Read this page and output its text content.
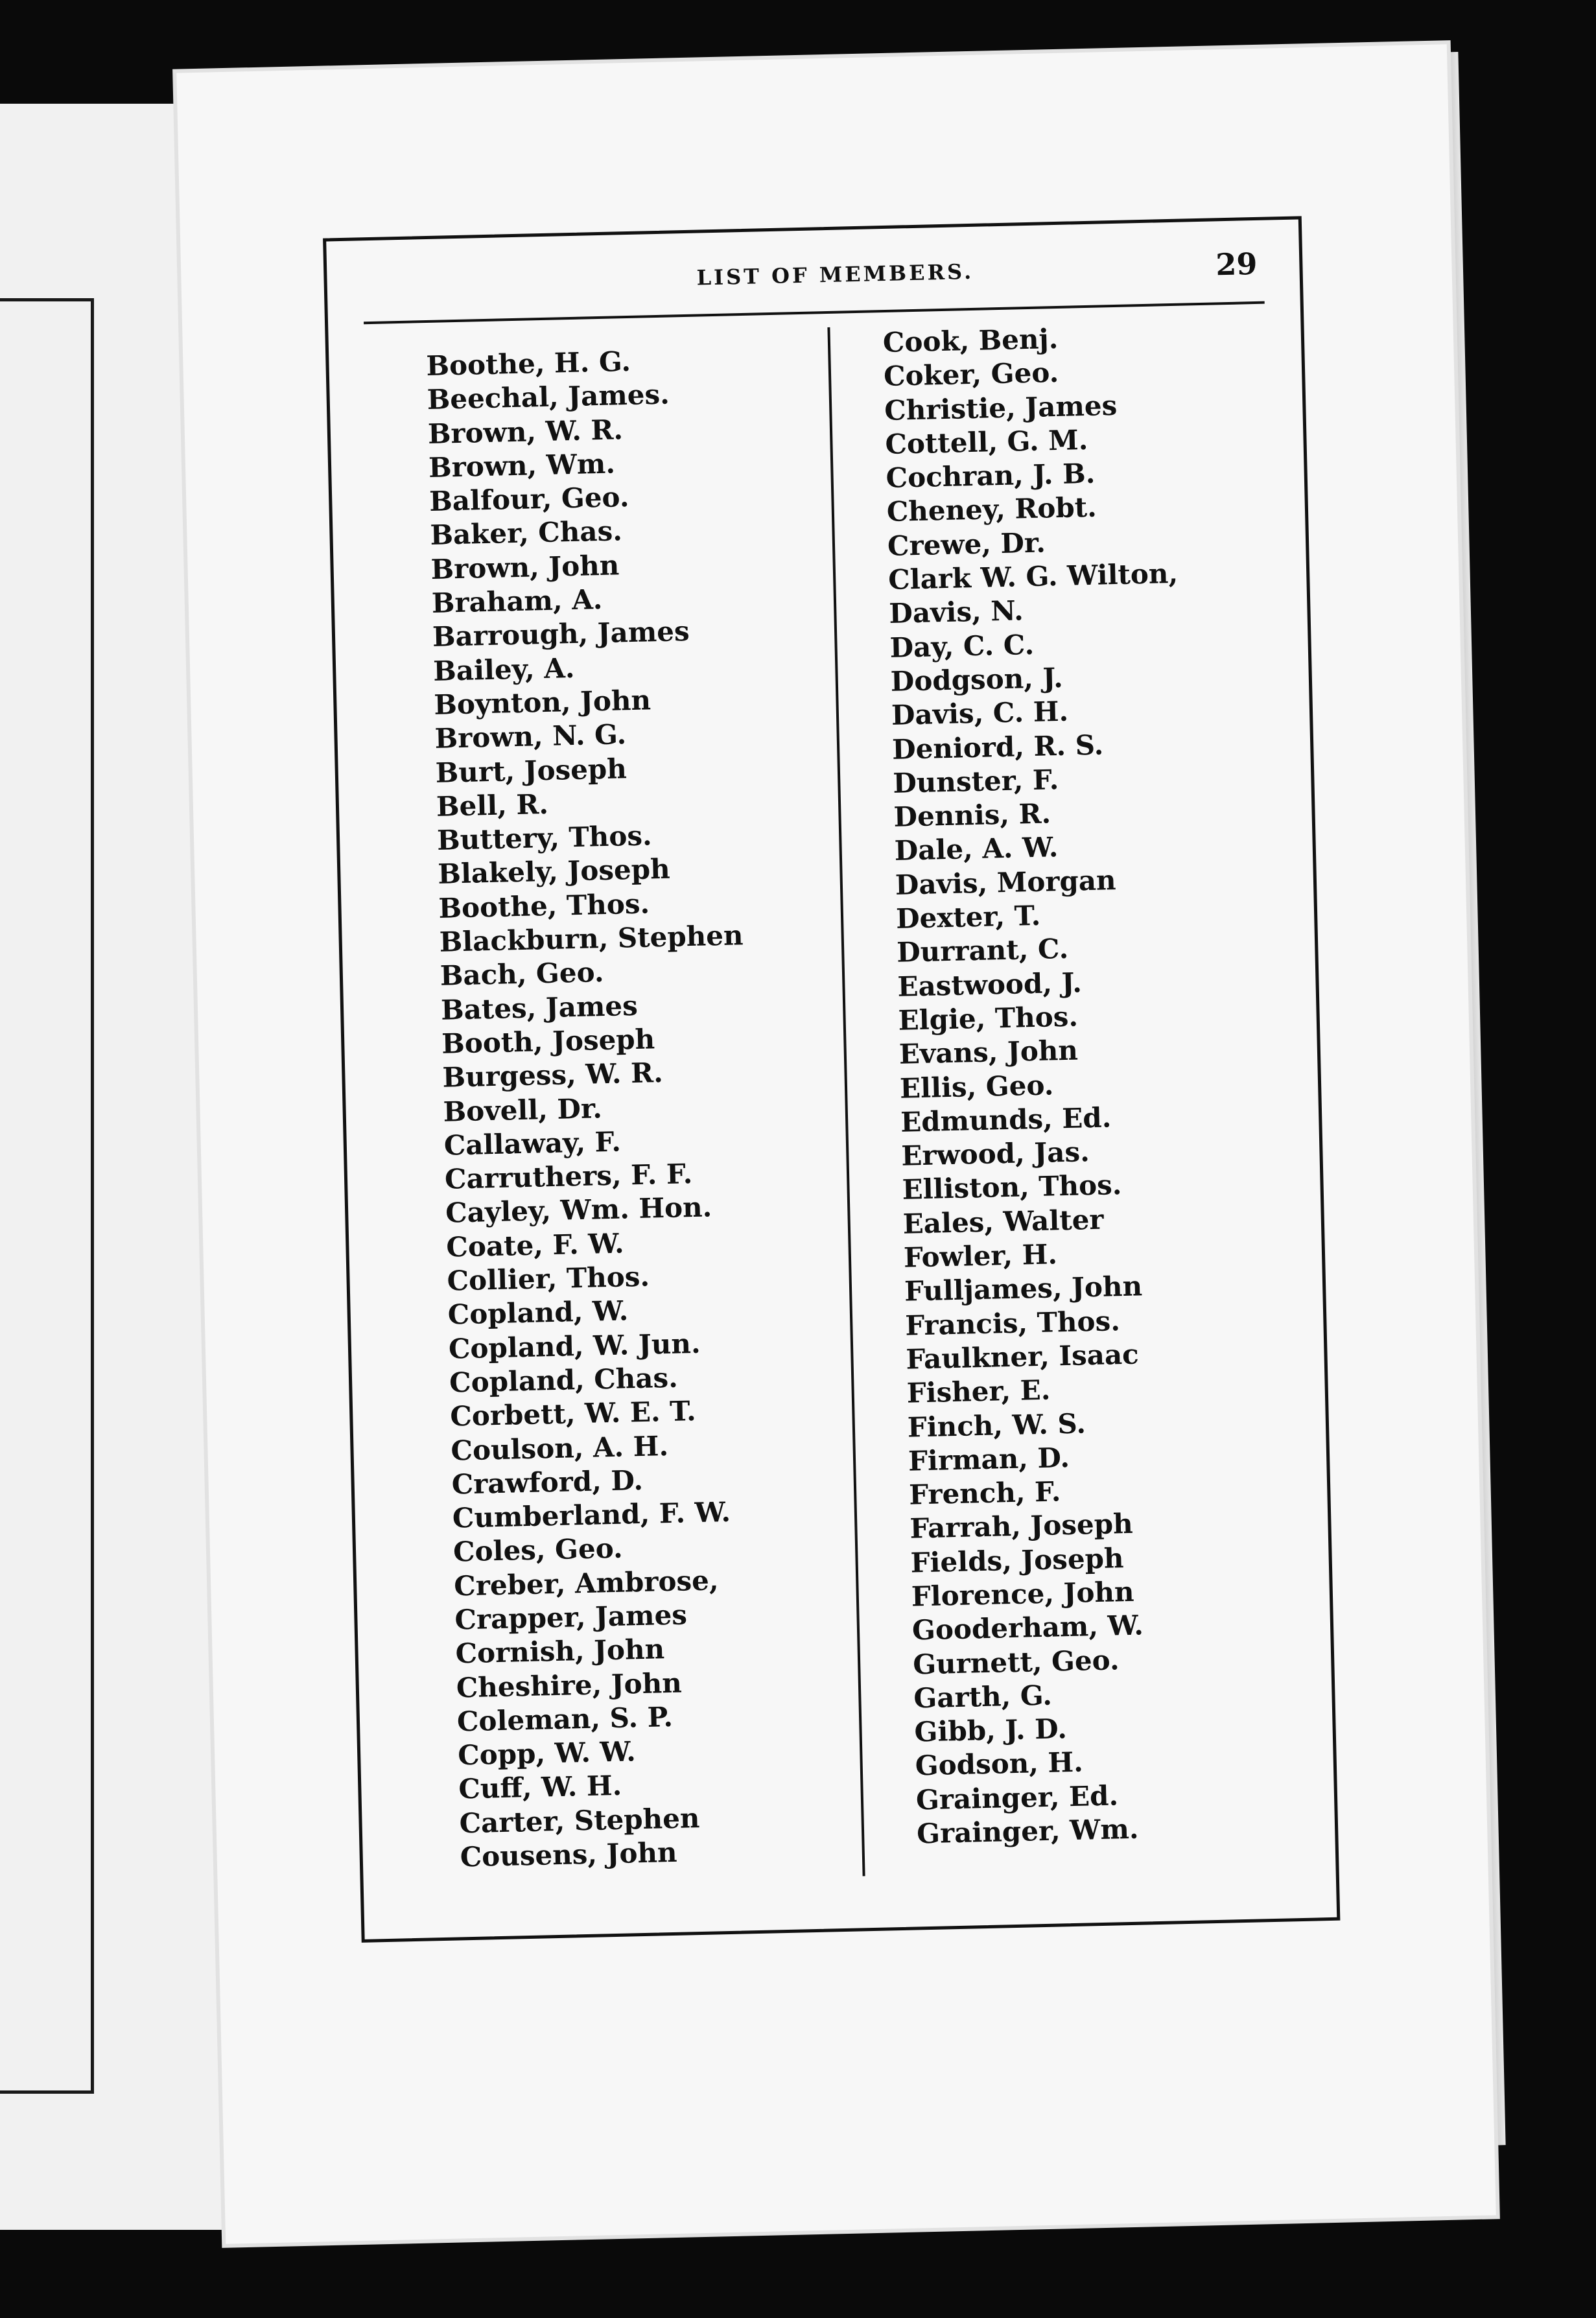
LIST OF MEMBERS.	29
Boothe, H. G.
Beechal, James.
Brown, W. R.
Brown, Wm.
Balfour, Geo.
Baker, Chas.
Brown, John
Braham, A.
Barrough, James
Bailey, A.
Boynton, John
Brown, N. G.
Burt, Joseph
Bell, R.
Buttery, Thos.
Blakely, Joseph
Boothe, Thos.
Blackburn, Stephen
Bach, Geo.
Bates, James
Booth, Joseph
Burgess, W. R.
Bovell, Dr.
Callaway, F.
Carruthers, F. F.
Cayley, Wm. Hon.
Coate, F. W.
Collier, Thos.
Copland, W.
Copland, W. Jun.
Copland, Chas.
Corbett, W. E. T.
Coulson, A. H.
Crawford, D.
Cumberland, F. W.
Coles, Geo.
Creber, Ambrose,
Crapper, James
Cornish, John
Cheshire, John
Coleman, S. P.
Copp, W. W.
Cuff, W. H.
Carter, Stephen
Cousens, John
Cook, Benj.
Coker, Geo.
Christie, James
Cottell, G. M.
Cochran, J. B.
Cheney, Robt.
Crewe, Dr.
Clark W. G. Wilton,
Davis, N.
Day, C. C.
Dodgson, J.
Davis, C. H.
Deniord, R. S.
Dunster, F.
Dennis, R.
Dale, A. W.
Davis, Morgan
Dexter, T.
Durrant, C.
Eastwood, J.
Elgie, Thos.
Evans, John
Ellis, Geo.
Edmunds, Ed.
Erwood, Jas.
Elliston, Thos.
Eales, Walter
Fowler, H.
Fulljames, John
Francis, Thos.
Faulkner, Isaac
Fisher, E.
Finch, W. S.
Firman, D.
French, F.
Farrah, Joseph
Fields, Joseph
Florence, John
Gooderham, W.
Gurnett, Geo.
Garth, G.
Gibb, J. D.
Godson, H.
Grainger, Ed.
Grainger, Wm.
